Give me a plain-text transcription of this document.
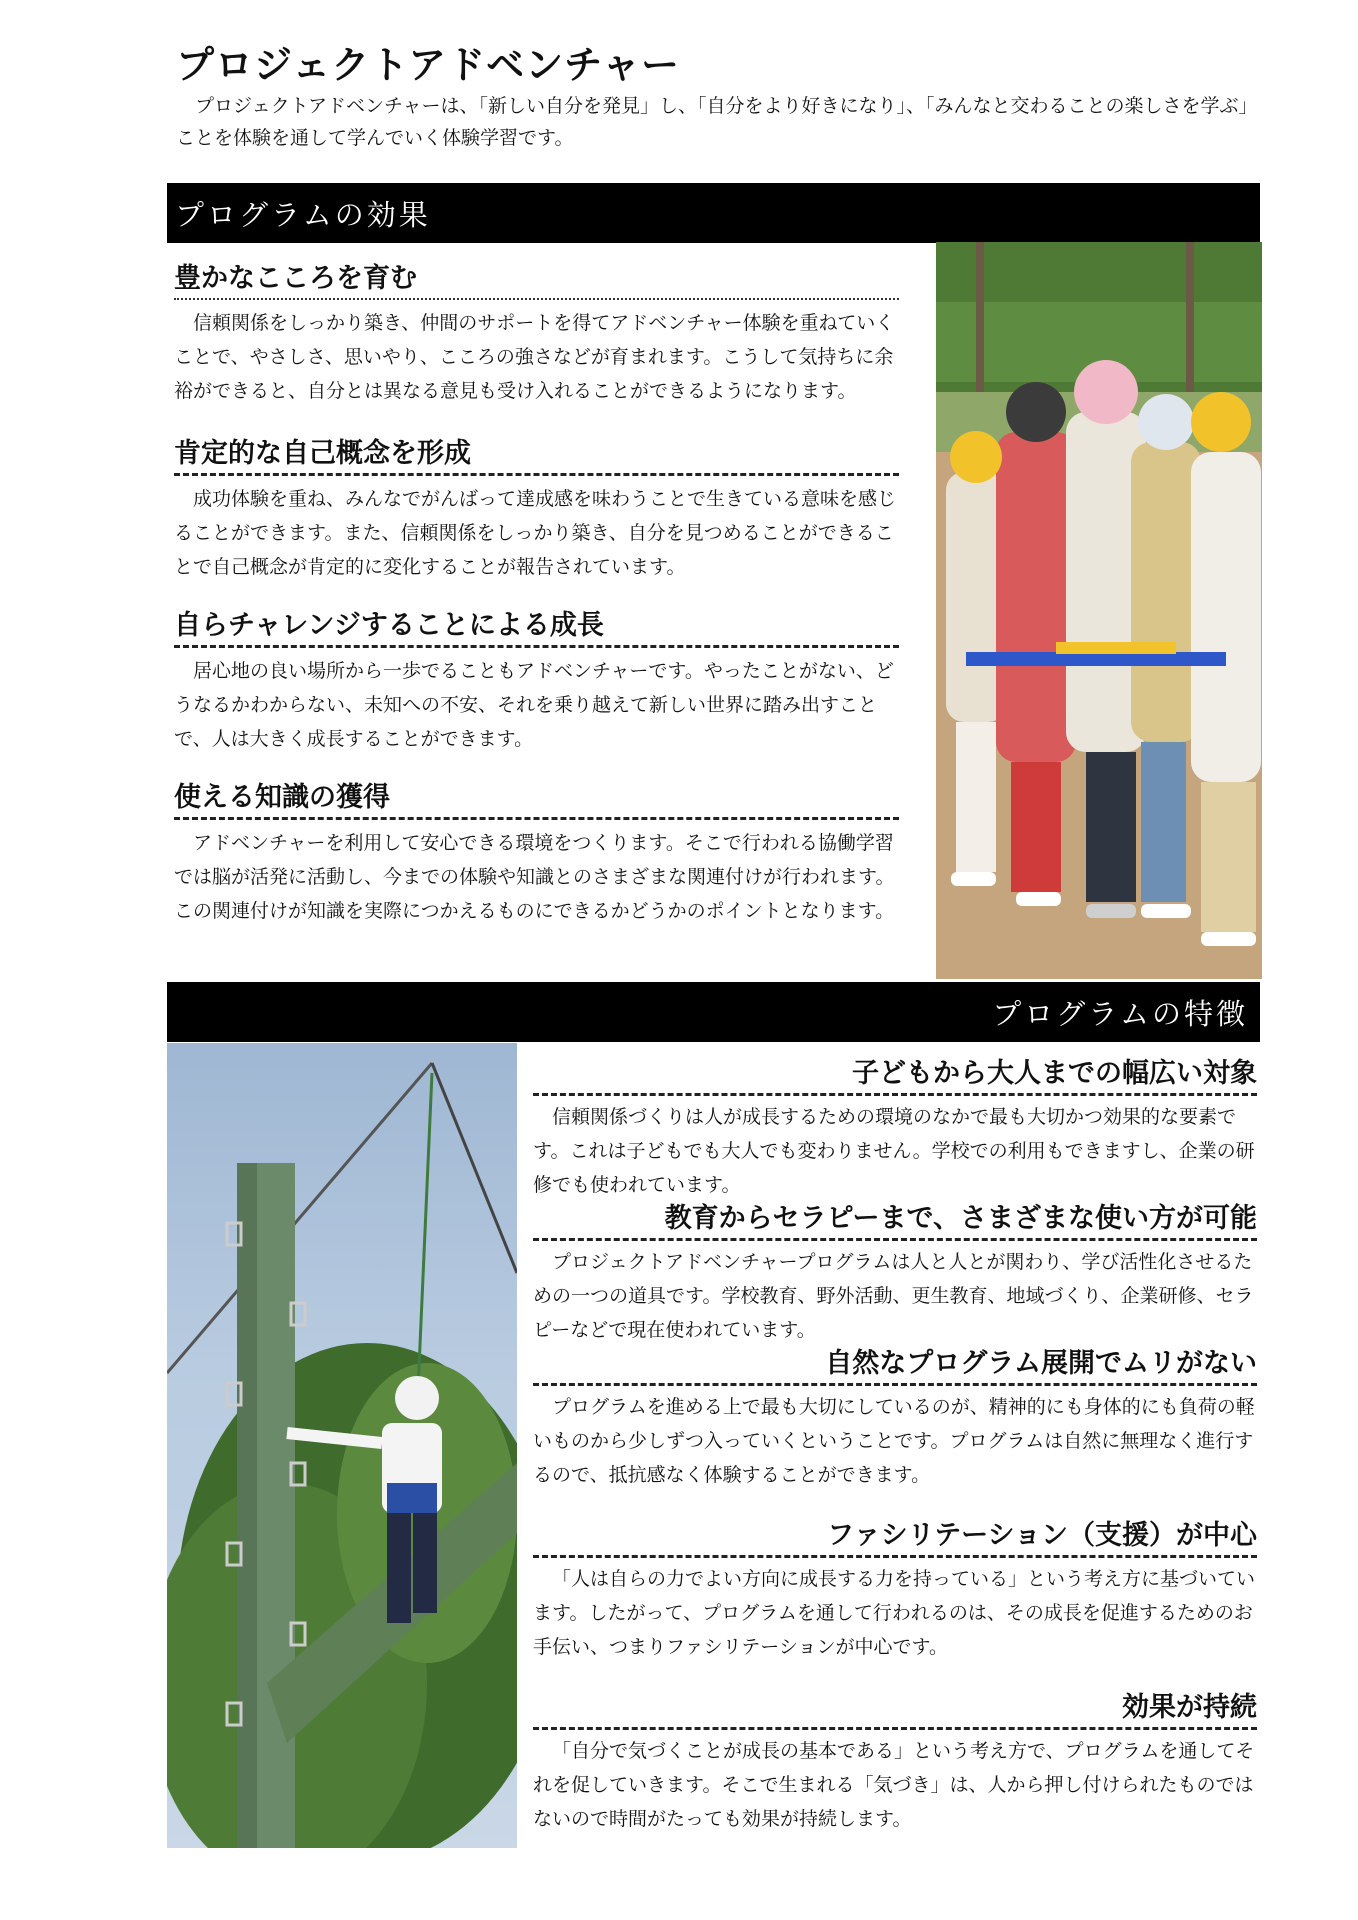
プロジェクトアドベンチャー

プロジェクトアドベンチャーは、「新しい自分を発見」し、「自分をより好きになり」、「みんなと交わることの楽しさを学ぶ」ことを体験を通して学んでいく体験学習です。

プログラムの効果
豊かなこころを育む

信頼関係をしっかり築き、仲間のサポートを得てアドベンチャー体験を重ねていくことで、やさしさ、思いやり、こころの強さなどが育まれます。こうして気持ちに余裕ができると、自分とは異なる意見も受け入れることができるようになります。

肯定的な自己概念を形成

成功体験を重ね、みんなでがんばって達成感を味わうことで生きている意味を感じることができます。また、信頼関係をしっかり築き、自分を見つめることができることで自己概念が肯定的に変化することが報告されています。

自らチャレンジすることによる成長

居心地の良い場所から一歩でることもアドベンチャーです。やったことがない、どうなるかわからない、未知への不安、それを乗り越えて新しい世界に踏み出すことで、人は大きく成長することができます。

使える知識の獲得

アドベンチャーを利用して安心できる環境をつくります。そこで行われる協働学習では脳が活発に活動し、今までの体験や知識とのさまざまな関連付けが行われます。この関連付けが知識を実際につかえるものにできるかどうかのポイントとなります。

プログラムの特徴
子どもから大人までの幅広い対象

信頼関係づくりは人が成長するための環境のなかで最も大切かつ効果的な要素です。これは子どもでも大人でも変わりません。学校での利用もできますし、企業の研修でも使われています。

教育からセラピーまで、さまざまな使い方が可能

プロジェクトアドベンチャープログラムは人と人とが関わり、学び活性化させるための一つの道具です。学校教育、野外活動、更生教育、地域づくり、企業研修、セラピーなどで現在使われています。

自然なプログラム展開でムリがない

プログラムを進める上で最も大切にしているのが、精神的にも身体的にも負荷の軽いものから少しずつ入っていくということです。プログラムは自然に無理なく進行するので、抵抗感なく体験することができます。

ファシリテーション（支援）が中心

「人は自らの力でよい方向に成長する力を持っている」という考え方に基づいています。したがって、プログラムを通して行われるのは、その成長を促進するためのお手伝い、つまりファシリテーションが中心です。

効果が持続

「自分で気づくことが成長の基本である」という考え方で、プログラムを通してそれを促していきます。そこで生まれる「気づき」は、人から押し付けられたものではないので時間がたっても効果が持続します。
